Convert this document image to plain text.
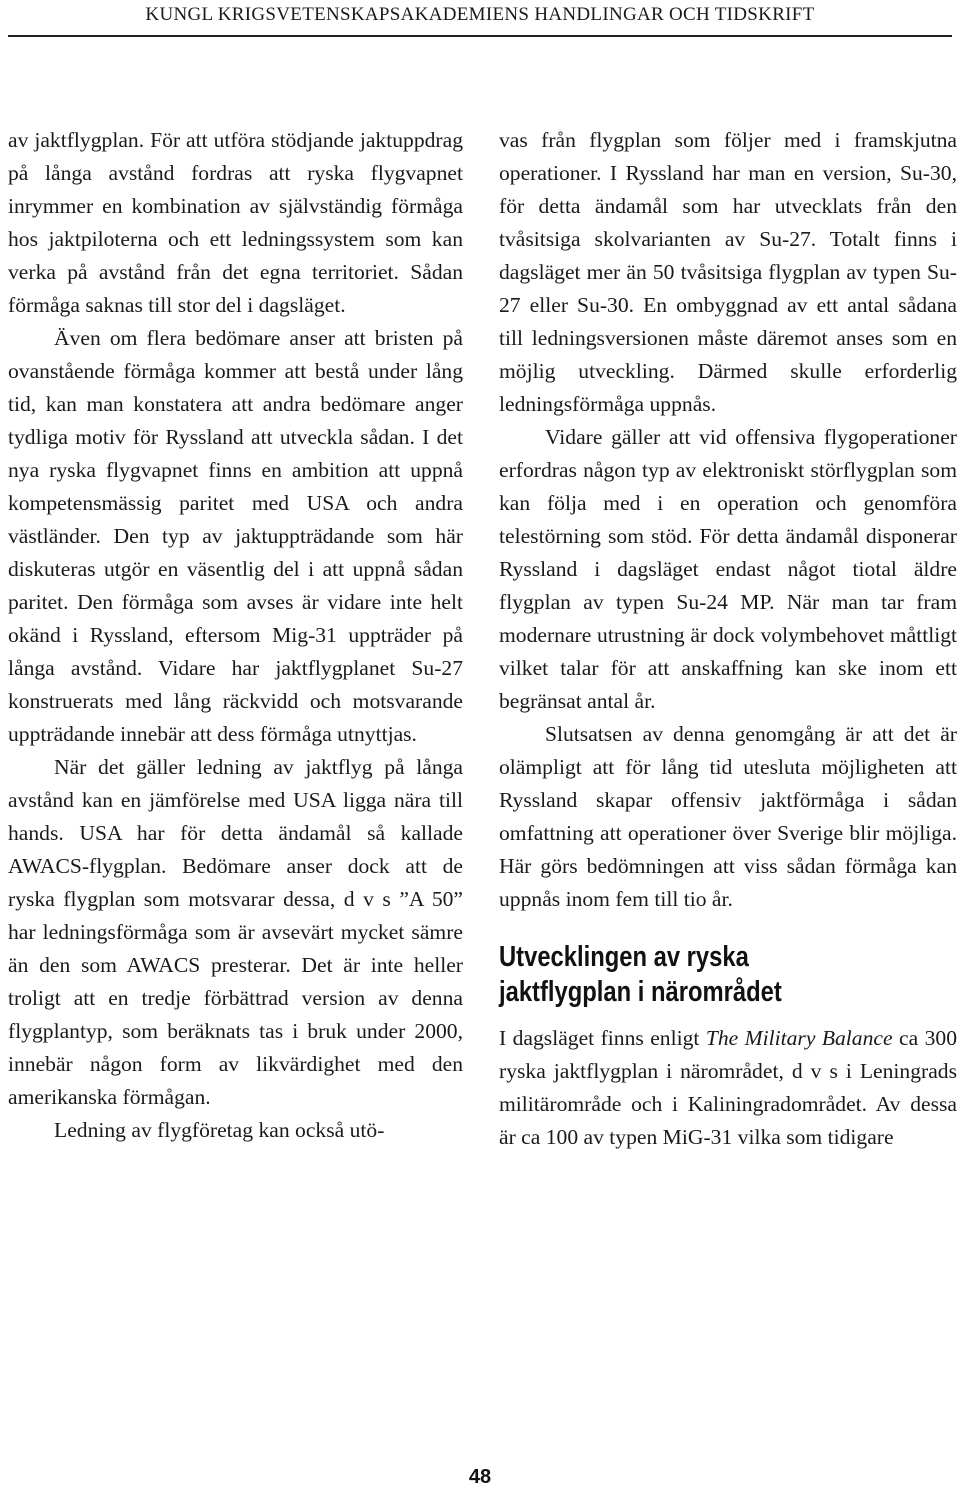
KUNGL KRIGSVETENSKAPSAKADEMIENS HANDLINGAR OCH TIDSKRIFT

av jaktflygplan. För att utföra stödjande jaktuppdrag på långa avstånd fordras att ryska flygvapnet inrymmer en kombination av självständig förmåga hos jaktpiloterna och ett ledningssystem som kan verka på avstånd från det egna territoriet. Sådan förmåga saknas till stor del i dagsläget.

Även om flera bedömare anser att bristen på ovanstående förmåga kommer att bestå under lång tid, kan man konstatera att andra bedömare anger tydliga motiv för Ryssland att utveckla sådan. I det nya ryska flygvapnet finns en ambition att uppnå kompetensmässig paritet med USA och andra västländer. Den typ av jaktuppträdande som här diskuteras utgör en väsentlig del i att uppnå sådan paritet. Den förmåga som avses är vidare inte helt okänd i Ryssland, eftersom Mig-31 uppträder på långa avstånd. Vidare har jaktflygplanet Su-27 konstruerats med lång räckvidd och motsvarande uppträdande innebär att dess förmåga utnyttjas.

När det gäller ledning av jaktflyg på långa avstånd kan en jämförelse med USA ligga nära till hands. USA har för detta ändamål så kallade AWACS-flygplan. Bedömare anser dock att de ryska flygplan som motsvarar dessa, d v s ”A 50” har ledningsförmåga som är avsevärt mycket sämre än den som AWACS presterar. Det är inte heller troligt att en tredje förbättrad version av denna flygplantyp, som beräknats tas i bruk under 2000, innebär någon form av likvärdighet med den amerikanska förmågan.

Ledning av flygföretag kan också utö-

vas från flygplan som följer med i framskjutna operationer. I Ryssland har man en version, Su-30, för detta ändamål som har utvecklats från den tvåsitsiga skolvarianten av Su-27. Totalt finns i dagsläget mer än 50 tvåsitsiga flygplan av typen Su-27 eller Su-30. En ombyggnad av ett antal sådana till ledningsversionen måste däremot anses som en möjlig utveckling. Därmed skulle erforderlig ledningsförmåga uppnås.

Vidare gäller att vid offensiva flygoperationer erfordras någon typ av elektroniskt störflygplan som kan följa med i en operation och genomföra telestörning som stöd. För detta ändamål disponerar Ryssland i dagsläget endast något tiotal äldre flygplan av typen Su-24 MP. När man tar fram modernare utrustning är dock volymbehovet måttligt vilket talar för att anskaffning kan ske inom ett begränsat antal år.

Slutsatsen av denna genomgång är att det är olämpligt att för lång tid utesluta möjligheten att Ryssland skapar offensiv jaktförmåga i sådan omfattning att operationer över Sverige blir möjliga. Här görs bedömningen att viss sådan förmåga kan uppnås inom fem till tio år.

Utvecklingen av ryska
jaktflygplan i närområdet

I dagsläget finns enligt The Military Balance ca 300 ryska jaktflygplan i närområdet, d v s i Leningrads militärområde och i Kaliningradområdet. Av dessa är ca 100 av typen MiG-31 vilka som tidigare

48
